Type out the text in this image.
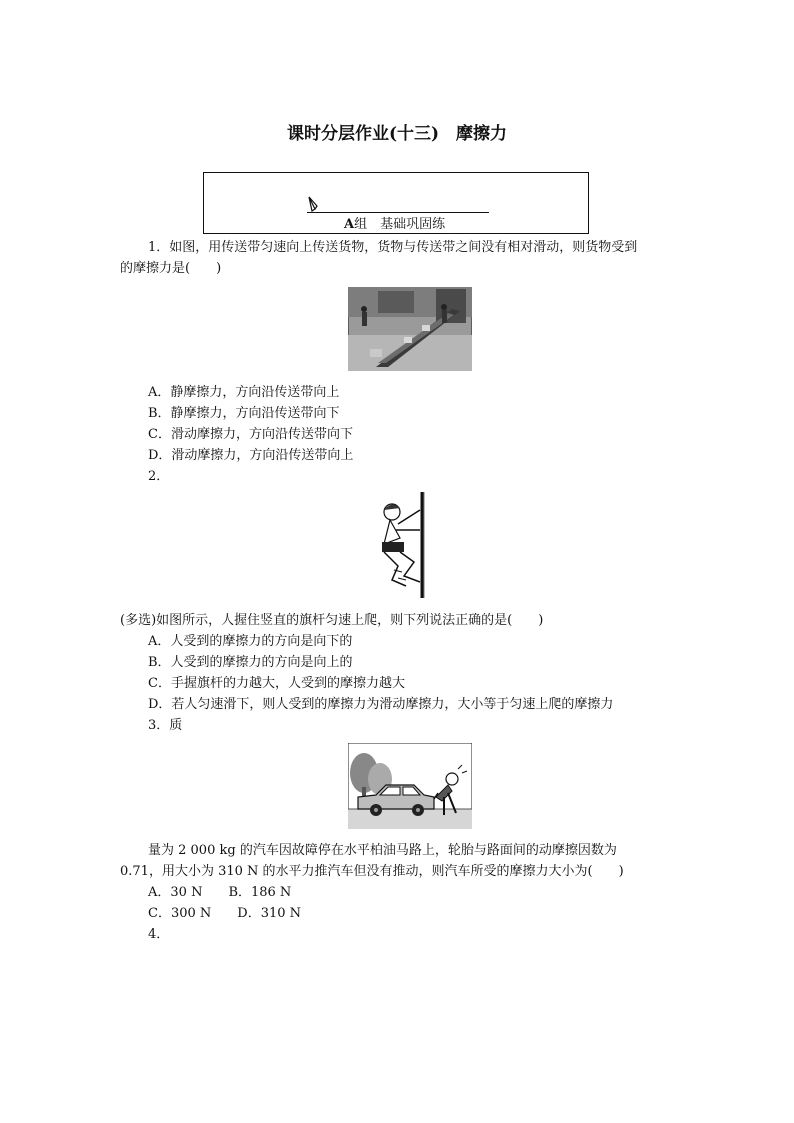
课时分层作业(十三)　摩擦力
A组　基础巩固练
1．如图，用传送带匀速向上传送货物，货物与传送带之间没有相对滑动，则货物受到
的摩擦力是(　　)
A．静摩擦力，方向沿传送带向上
B．静摩擦力，方向沿传送带向下
C．滑动摩擦力，方向沿传送带向下
D．滑动摩擦力，方向沿传送带向上
2．
(多选)如图所示，人握住竖直的旗杆匀速上爬，则下列说法正确的是(　　)
A．人受到的摩擦力的方向是向下的
B．人受到的摩擦力的方向是向上的
C．手握旗杆的力越大，人受到的摩擦力越大
D．若人匀速滑下，则人受到的摩擦力为滑动摩擦力，大小等于匀速上爬的摩擦力
3．质
量为 2 000 kg 的汽车因故障停在水平柏油马路上，轮胎与路面间的动摩擦因数为
0.71，用大小为 310 N 的水平力推汽车但没有推动，则汽车所受的摩擦力大小为(　　)
A．30 N　　B．186 N
C．300 N　　D．310 N
4．
